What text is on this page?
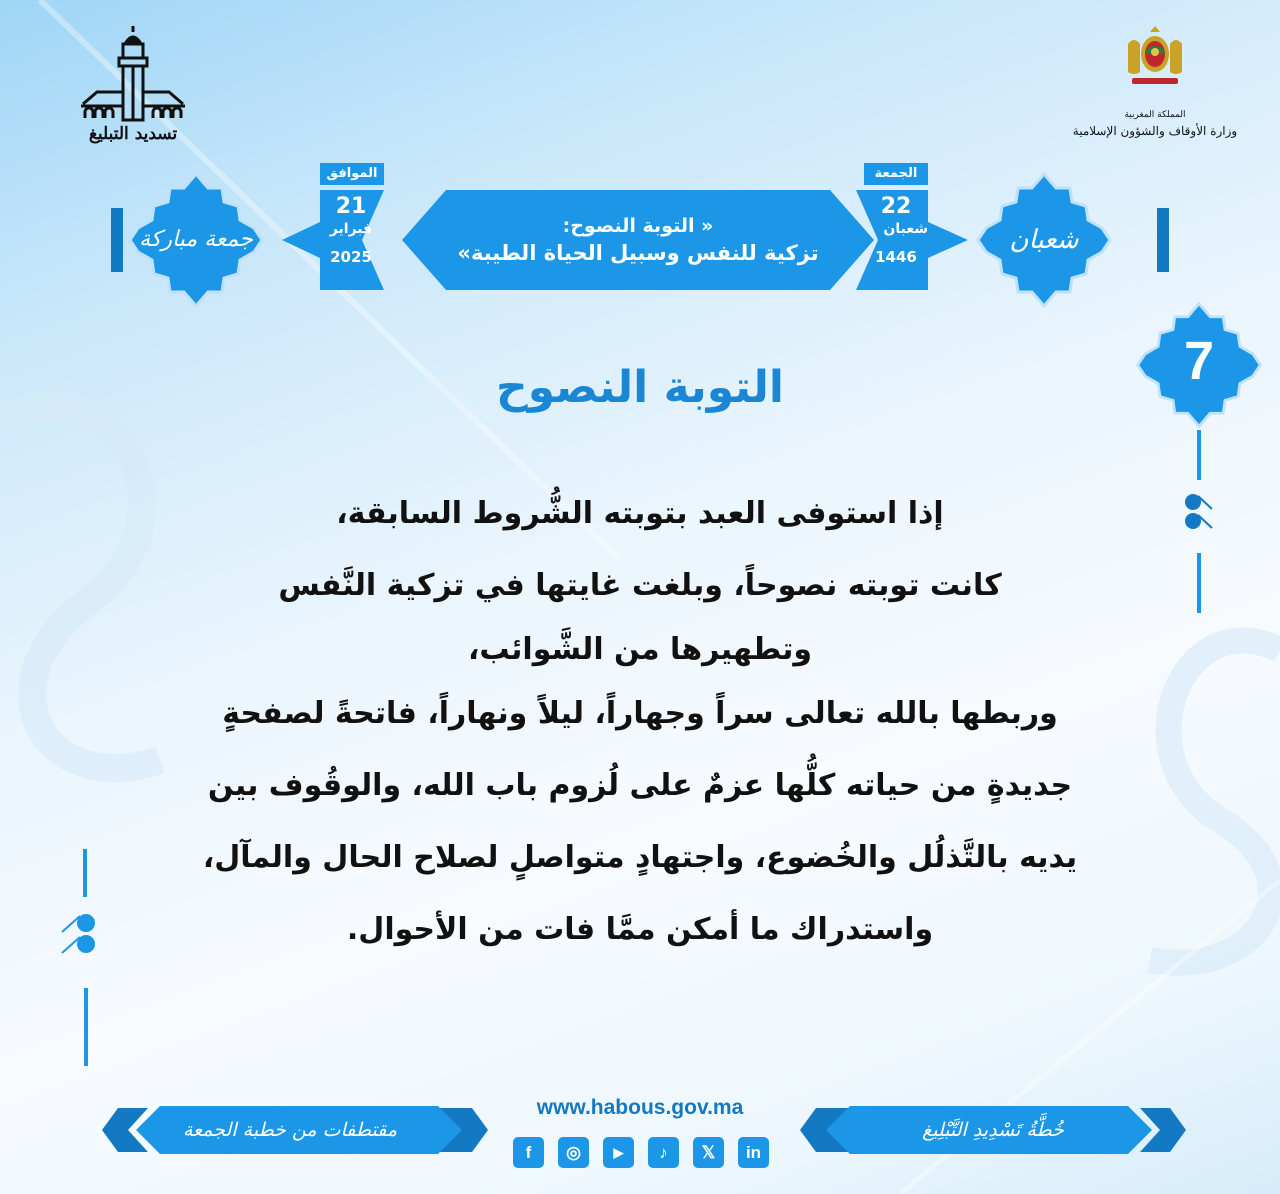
تسديد التبليغ
المملكة المغربية
وزارة الأوقاف والشؤون الإسلامية
جمعة مباركة
الموافق
21
فبراير
2025
« التوبة النصوح:
تزكية للنفس وسبيل الحياة الطيبة»
الجمعة
22
شعبان
1446
شعبان
7
التوبة النصوح
إذا استوفى العبد بتوبته الشُّروط السابقة،
كانت توبته نصوحاً، وبلغت غايتها في تزكية النَّفس
وتطهيرها من الشَّوائب،
وربطها بالله تعالى سراً وجهاراً، ليلاً ونهاراً، فاتحةً لصفحةٍ
جديدةٍ من حياته كلُّها عزمٌ على لُزوم باب الله، والوقُوف بين
يديه بالتَّذلُل والخُضوع، واجتهادٍ متواصلٍ لصلاح الحال والمآل،
واستدراك ما أمكن ممَّا فات من الأحوال.
مقتطفات من خطبة الجمعة
www.habous.gov.ma
f	◎	▶	♪	𝕏	in
خُطَّةُ تَسْدِيدِ التَّبْلِيغ
